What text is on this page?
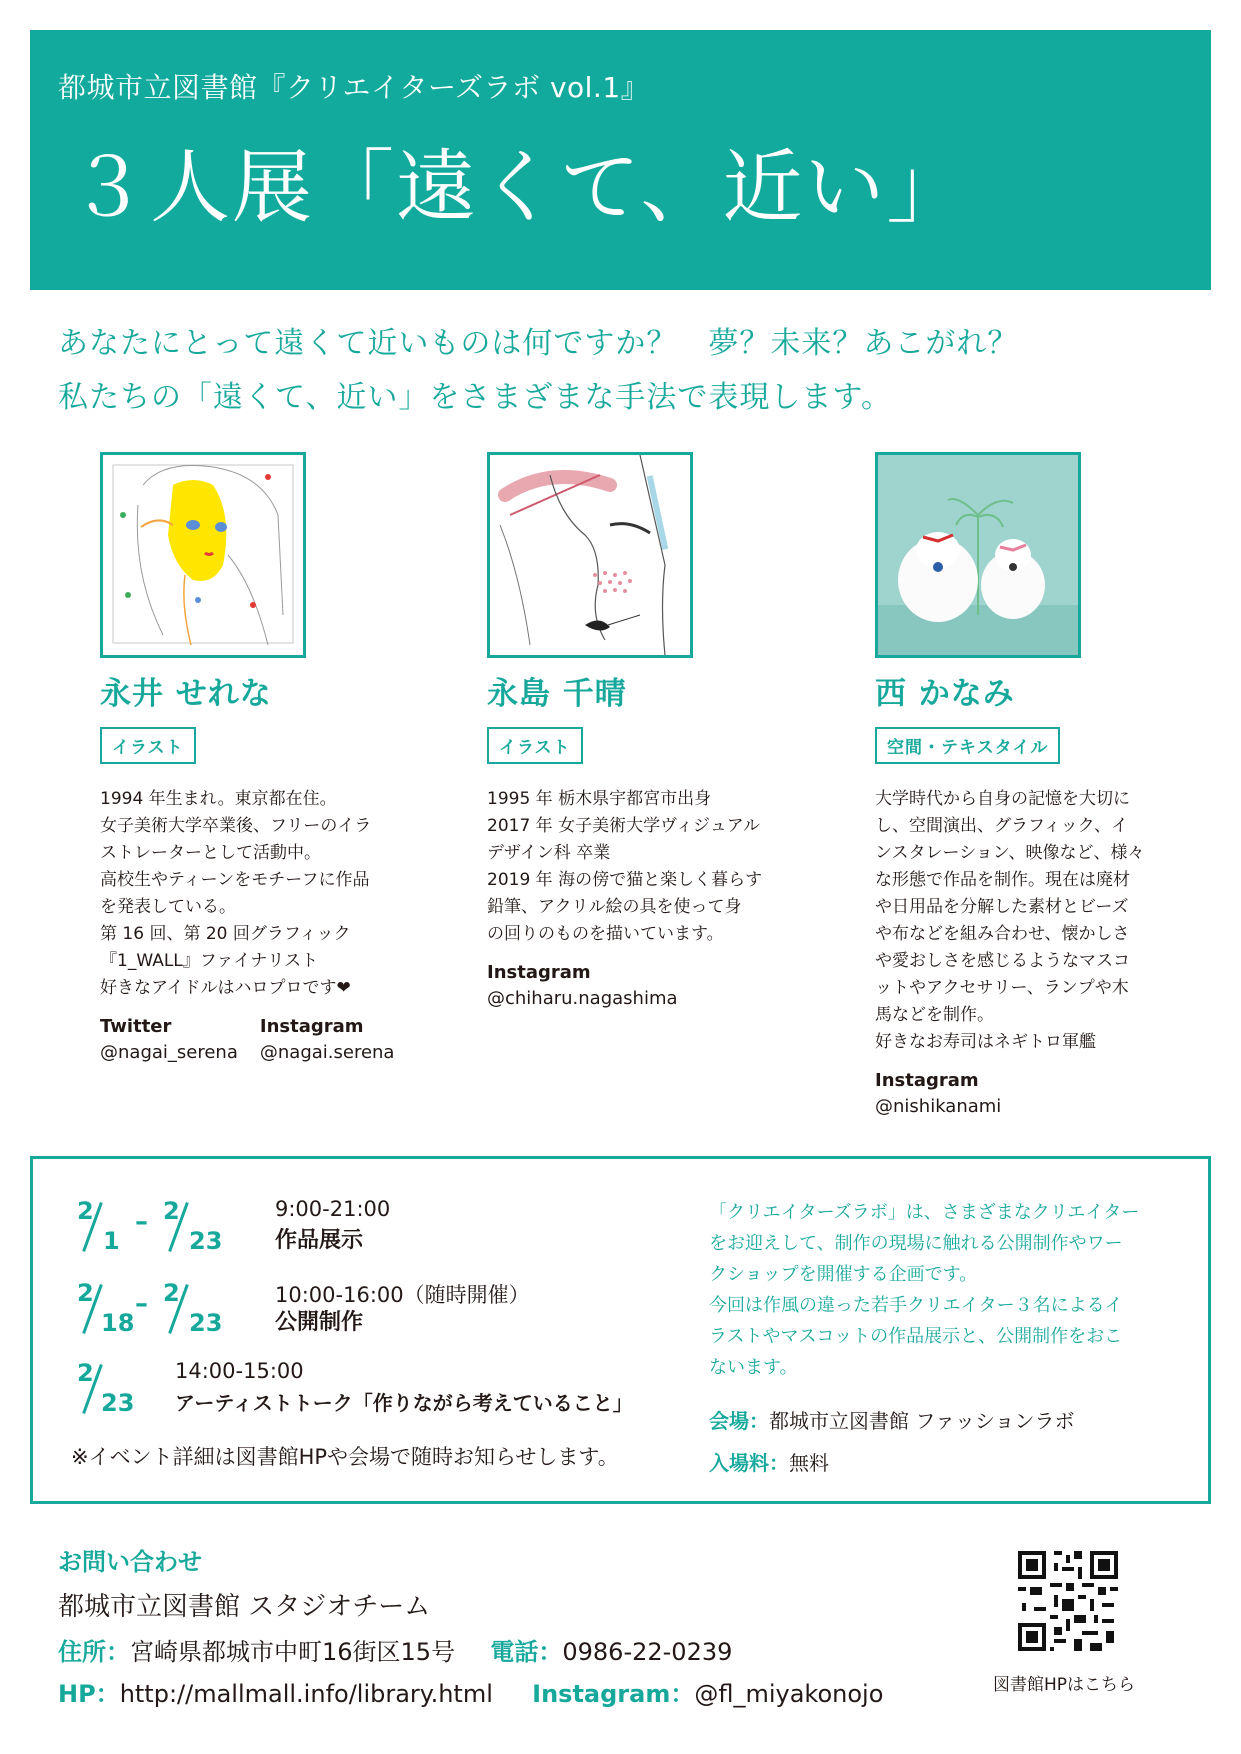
都城市立図書館『クリエイターズラボ vol.1』
３人展「遠くて、近い」
あなたにとって遠くて近いものは何ですか？　夢？未来？あこがれ？
私たちの「遠くて、近い」をさまざまな手法で表現します。
永井 せれな
イラスト
1994 年生まれ。東京都在住。
女子美術大学卒業後、フリーのイラ
ストレーターとして活動中。
高校生やティーンをモチーフに作品
を発表している。
第 16 回、第 20 回グラフィック
『1_WALL』ファイナリスト
好きなアイドルはハロプロです❤
Twitter
@nagai_serena
Instagram
@nagai.serena
永島 千晴
イラスト
1995 年 栃木県宇都宮市出身
2017 年 女子美術大学ヴィジュアル
デザイン科 卒業
2019 年 海の傍で猫と楽しく暮らす
鉛筆、アクリル絵の具を使って身
の回りのものを描いています。
Instagram
@chiharu.nagashima
西 かなみ
空間・テキスタイル
大学時代から自身の記憶を大切に
し、空間演出、グラフィック、イ
ンスタレーション、映像など、様々
な形態で作品を制作。現在は廃材
や日用品を分解した素材とビーズ
や布などを組み合わせ、懐かしさ
や愛おしさを感じるようなマスコ
ットやアクセサリー、ランプや木
馬などを制作。
好きなお寿司はネギトロ軍艦
Instagram
@nishikanami
2
1
– 2
23
9:00-21:00
作品展示
2
18
– 2
23
10:00-16:00（随時開催）
公開制作
2
23
14:00-15:00
アーティストトーク「作りながら考えていること」
※イベント詳細は図書館HPや会場で随時お知らせします。
「クリエイターズラボ」は、さまざまなクリエイター
をお迎えして、制作の現場に触れる公開制作やワー
クショップを開催する企画です。
今回は作風の違った若手クリエイター３名によるイ
ラストやマスコットの作品展示と、公開制作をおこ
ないます。
会場：都城市立図書館 ファッションラボ
入場料：無料
お問い合わせ
都城市立図書館 スタジオチーム
住所：宮崎県都城市中町16街区15号 電話：0986-22-0239
HP：http://mallmall.info/library.html Instagram：@fl_miyakonojo	図書館HPはこちら
